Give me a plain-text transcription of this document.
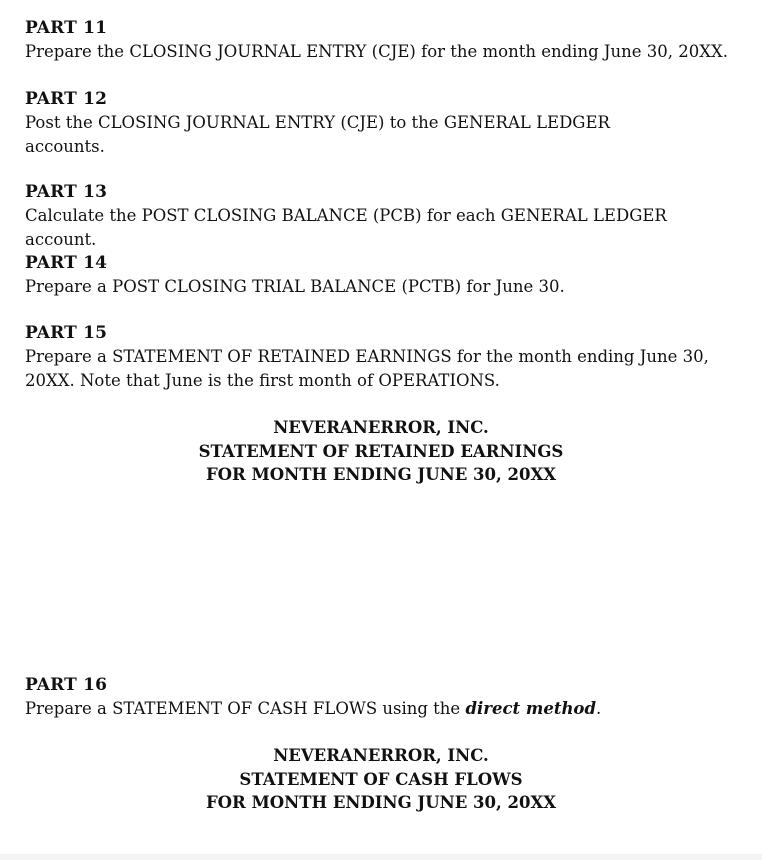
PART 11
Prepare the CLOSING JOURNAL ENTRY (CJE) for the month ending June 30, 20XX.
PART 12
Post the CLOSING JOURNAL ENTRY (CJE) to the GENERAL LEDGER
accounts.
PART 13
Calculate the POST CLOSING BALANCE (PCB) for each GENERAL LEDGER account.
PART 14
Prepare a POST CLOSING TRIAL BALANCE (PCTB) for June 30.
PART 15
Prepare a STATEMENT OF RETAINED EARNINGS for the month ending June 30,
20XX. Note that June is the first month of OPERATIONS.
NEVERANERROR, INC.
STATEMENT OF RETAINED EARNINGS
FOR MONTH ENDING JUNE 30, 20XX
PART 16
Prepare a STATEMENT OF CASH FLOWS using the direct method.
NEVERANERROR, INC.
STATEMENT OF CASH FLOWS
FOR MONTH ENDING JUNE 30, 20XX
